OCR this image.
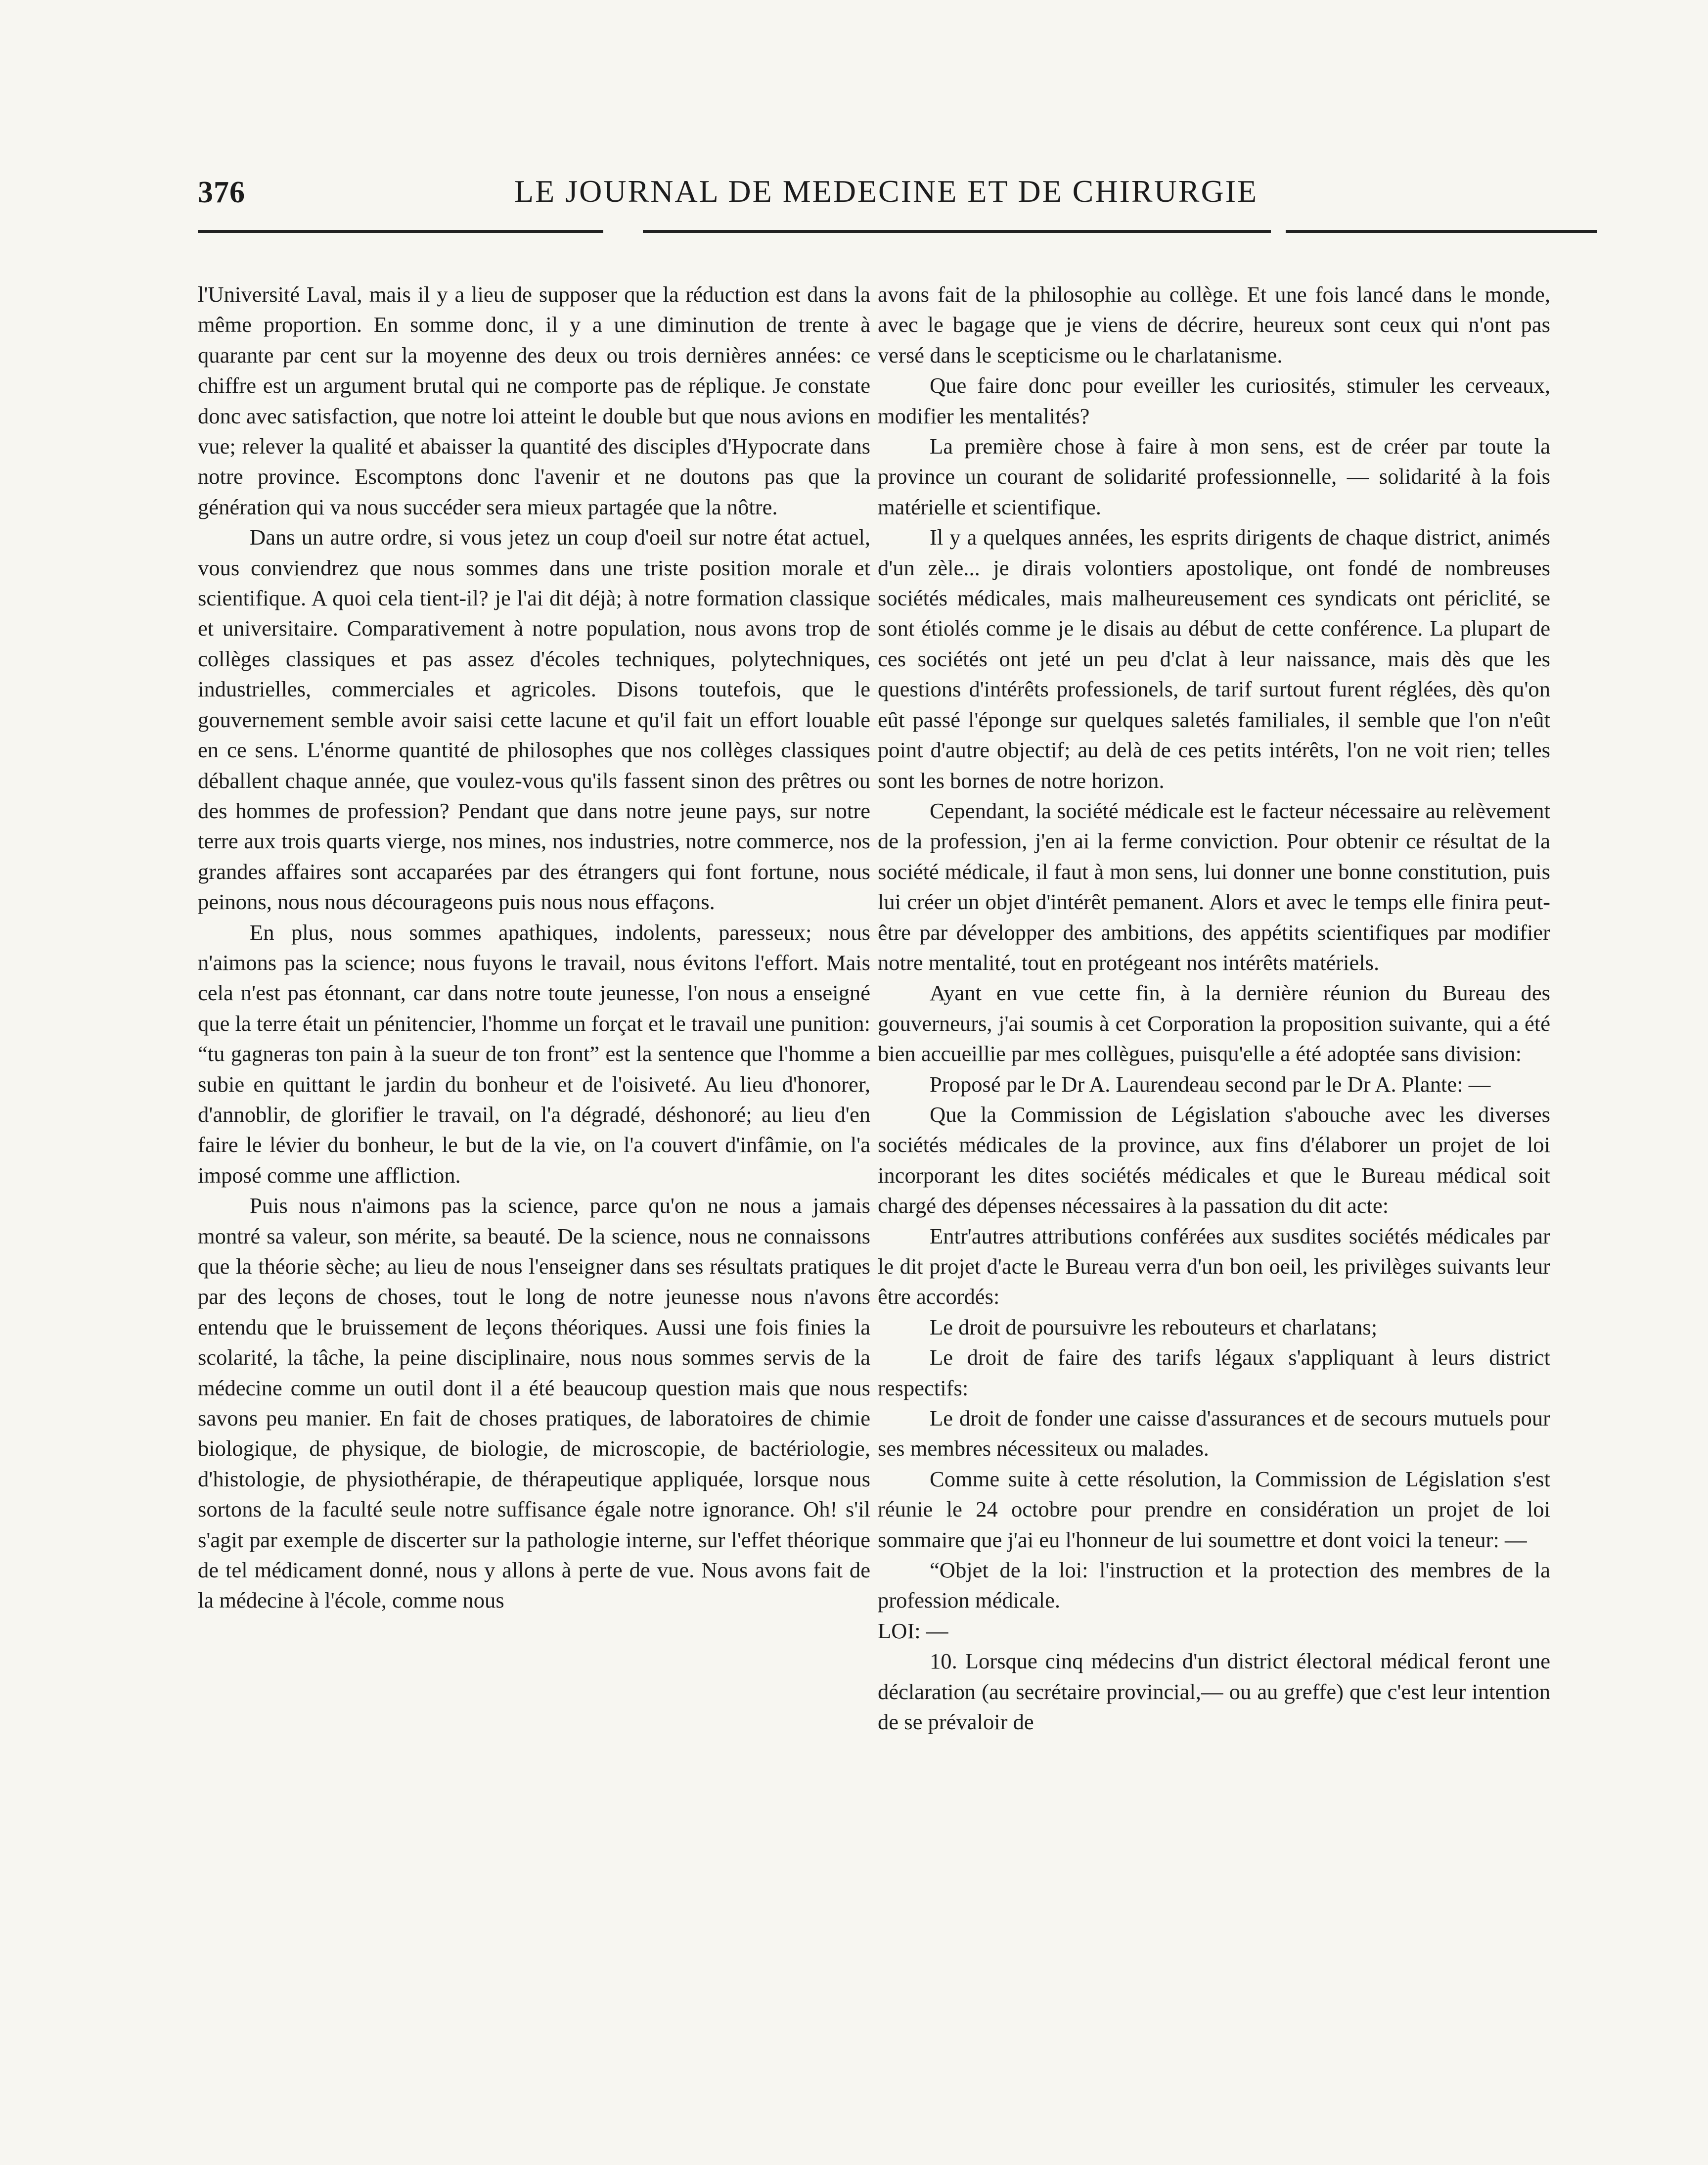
376	LE JOURNAL DE MEDECINE ET DE CHIRURGIE

l'Université Laval, mais il y a lieu de supposer que la réduction est dans la même proportion. En somme donc, il y a une diminution de trente à quarante par cent sur la moyenne des deux ou trois dernières années: ce chiffre est un argument brutal qui ne comporte pas de réplique. Je constate donc avec satisfaction, que notre loi atteint le double but que nous avions en vue; relever la qualité et abaisser la quantité des disciples d'Hypocrate dans notre province. Escomptons donc l'avenir et ne doutons pas que la génération qui va nous succéder sera mieux partagée que la nôtre.

Dans un autre ordre, si vous jetez un coup d'oeil sur notre état actuel, vous conviendrez que nous sommes dans une triste position morale et scientifique. A quoi cela tient-il? je l'ai dit déjà; à notre formation classique et universitaire. Comparativement à notre population, nous avons trop de collèges classiques et pas assez d'écoles techniques, polytechniques, industrielles, commerciales et agricoles. Disons toutefois, que le gouvernement semble avoir saisi cette lacune et qu'il fait un effort louable en ce sens. L'énorme quantité de philosophes que nos collèges classiques déballent chaque année, que voulez-vous qu'ils fassent sinon des prêtres ou des hommes de profession? Pendant que dans notre jeune pays, sur notre terre aux trois quarts vierge, nos mines, nos industries, notre commerce, nos grandes affaires sont accaparées par des étrangers qui font fortune, nous peinons, nous nous décourageons puis nous nous effaçons.

En plus, nous sommes apathiques, indolents, paresseux; nous n'aimons pas la science; nous fuyons le travail, nous évitons l'effort. Mais cela n'est pas étonnant, car dans notre toute jeunesse, l'on nous a enseigné que la terre était un pénitencier, l'homme un forçat et le travail une punition: “tu gagneras ton pain à la sueur de ton front” est la sentence que l'homme a subie en quittant le jardin du bonheur et de l'oisiveté. Au lieu d'honorer, d'annoblir, de glorifier le travail, on l'a dégradé, déshonoré; au lieu d'en faire le lévier du bonheur, le but de la vie, on l'a couvert d'infâmie, on l'a imposé comme une affliction.

Puis nous n'aimons pas la science, parce qu'on ne nous a jamais montré sa valeur, son mérite, sa beauté. De la science, nous ne connaissons que la théorie sèche; au lieu de nous l'enseigner dans ses résultats pratiques par des leçons de choses, tout le long de notre jeunesse nous n'avons entendu que le bruissement de leçons théoriques. Aussi une fois finies la scolarité, la tâche, la peine disciplinaire, nous nous sommes servis de la médecine comme un outil dont il a été beaucoup question mais que nous savons peu manier. En fait de choses pratiques, de laboratoires de chimie biologique, de physique, de biologie, de microscopie, de bactériologie, d'histologie, de physiothérapie, de thérapeutique appliquée, lorsque nous sortons de la faculté seule notre suffisance égale notre ignorance. Oh! s'il s'agit par exemple de discerter sur la pathologie interne, sur l'effet théorique de tel médicament donné, nous y allons à perte de vue. Nous avons fait de la médecine à l'école, comme nous

avons fait de la philosophie au collège. Et une fois lancé dans le monde, avec le bagage que je viens de décrire, heureux sont ceux qui n'ont pas versé dans le scepticisme ou le charlatanisme.

Que faire donc pour eveiller les curiosités, stimuler les cerveaux, modifier les mentalités?

La première chose à faire à mon sens, est de créer par toute la province un courant de solidarité professionnelle, — solidarité à la fois matérielle et scientifique.

Il y a quelques années, les esprits dirigents de chaque district, animés d'un zèle... je dirais volontiers apostolique, ont fondé de nombreuses sociétés médicales, mais malheureusement ces syndicats ont périclité, se sont étiolés comme je le disais au début de cette conférence. La plupart de ces sociétés ont jeté un peu d'clat à leur naissance, mais dès que les questions d'intérêts professionels, de tarif surtout furent réglées, dès qu'on eût passé l'éponge sur quelques saletés familiales, il semble que l'on n'eût point d'autre objectif; au delà de ces petits intérêts, l'on ne voit rien; telles sont les bornes de notre horizon.

Cependant, la société médicale est le facteur nécessaire au relèvement de la profession, j'en ai la ferme conviction. Pour obtenir ce résultat de la société médicale, il faut à mon sens, lui donner une bonne constitution, puis lui créer un objet d'intérêt pemanent. Alors et avec le temps elle finira peut-être par développer des ambitions, des appétits scientifiques par modifier notre mentalité, tout en protégeant nos intérêts matériels.

Ayant en vue cette fin, à la dernière réunion du Bureau des gouverneurs, j'ai soumis à cet Corporation la proposition suivante, qui a été bien accueillie par mes collègues, puisqu'elle a été adoptée sans division:

Proposé par le Dr A. Laurendeau second par le Dr A. Plante: —

Que la Commission de Législation s'abouche avec les diverses sociétés médicales de la province, aux fins d'élaborer un projet de loi incorporant les dites sociétés médicales et que le Bureau médical soit chargé des dépenses nécessaires à la passation du dit acte:

Entr'autres attributions conférées aux susdites sociétés médicales par le dit projet d'acte le Bureau verra d'un bon oeil, les privilèges suivants leur être accordés:

Le droit de poursuivre les rebouteurs et charlatans;

Le droit de faire des tarifs légaux s'appliquant à leurs district respectifs:

Le droit de fonder une caisse d'assurances et de secours mutuels pour ses membres nécessiteux ou malades.

Comme suite à cette résolution, la Commission de Législation s'est réunie le 24 octobre pour prendre en considération un projet de loi sommaire que j'ai eu l'honneur de lui soumettre et dont voici la teneur: —

“Objet de la loi: l'instruction et la protection des membres de la profession médicale.

LOI: —

10. Lorsque cinq médecins d'un district électoral médical feront une déclaration (au secrétaire provincial,— ou au greffe) que c'est leur intention de se prévaloir de
